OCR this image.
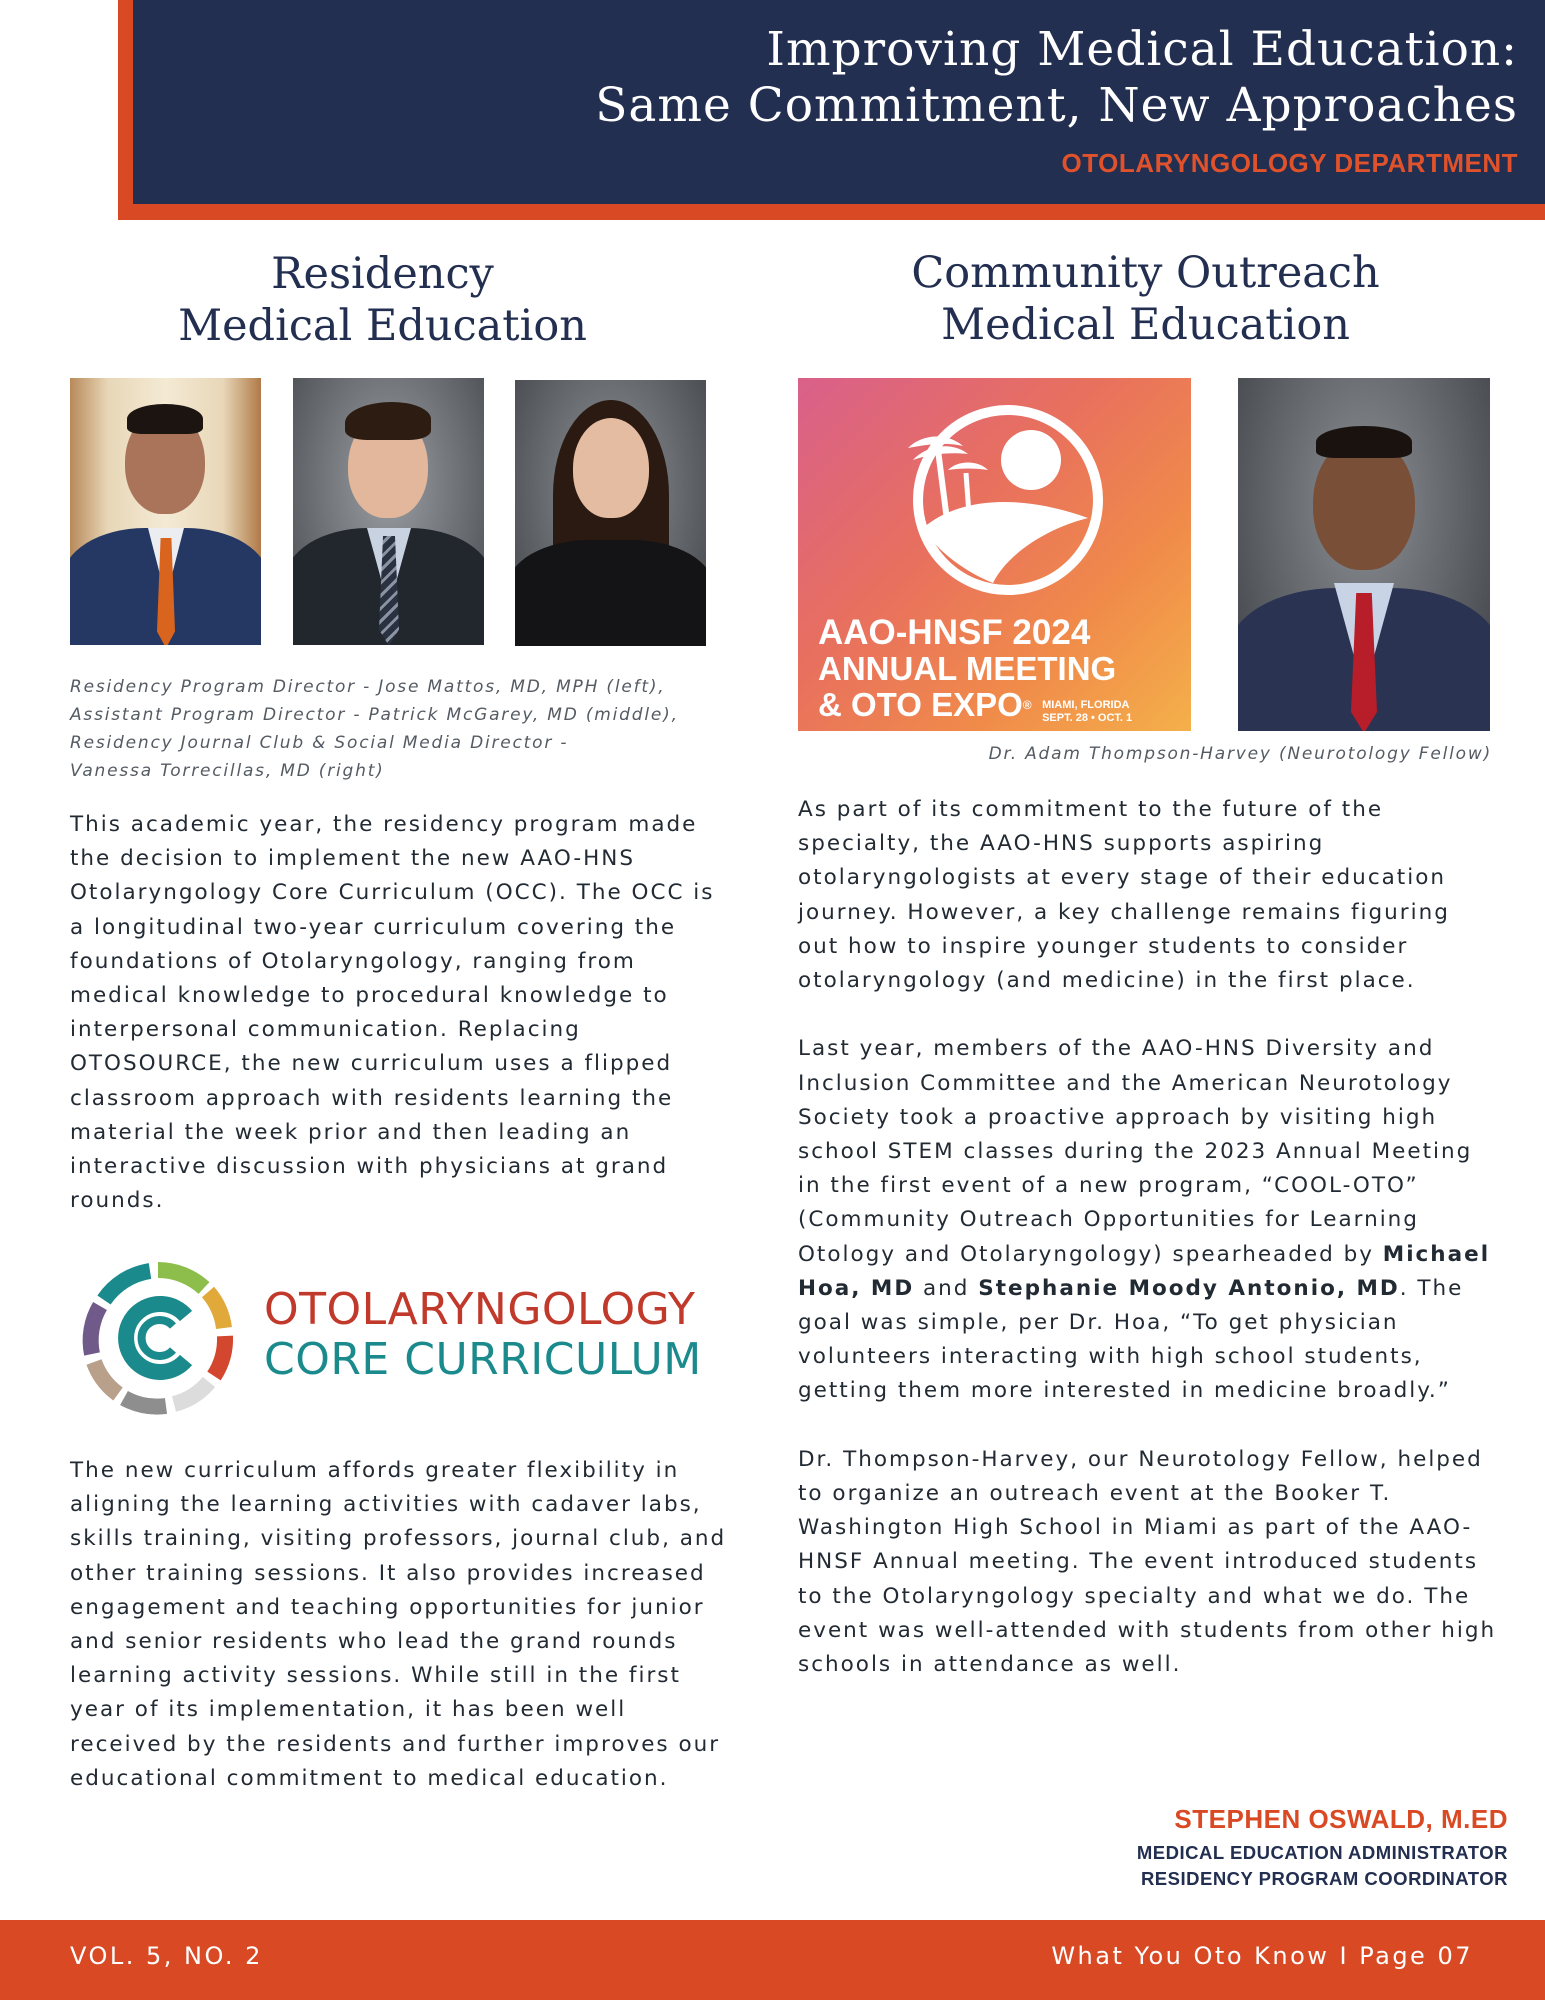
Improving Medical Education:
Same Commitment, New Approaches
OTOLARYNGOLOGY DEPARTMENT
Residency
Medical Education
Community Outreach
Medical Education
AAO-HNSF 2024
ANNUAL MEETING
& OTO EXPO® MIAMI, FLORIDA
SEPT. 28 • OCT. 1
Residency Program Director - Jose Mattos, MD, MPH (left),
Assistant Program Director - Patrick McGarey, MD (middle),
Residency Journal Club & Social Media Director -
Vanessa Torrecillas, MD (right)
Dr. Adam Thompson-Harvey (Neurotology Fellow)
This academic year, the residency program made the decision to implement the new AAO-HNS Otolaryngology Core Curriculum (OCC). The OCC is a longitudinal two-year curriculum covering the foundations of Otolaryngology, ranging from medical knowledge to procedural knowledge to interpersonal communication. Replacing OTOSOURCE, the new curriculum uses a flipped classroom approach with residents learning the material the week prior and then leading an interactive discussion with physicians at grand rounds.
OTOLARYNGOLOGY
CORE CURRICULUM
The new curriculum affords greater flexibility in aligning the learning activities with cadaver labs, skills training, visiting professors, journal club, and other training sessions. It also provides increased engagement and teaching opportunities for junior and senior residents who lead the grand rounds learning activity sessions. While still in the first year of its implementation, it has been well received by the residents and further improves our educational commitment to medical education.

As part of its commitment to the future of the specialty, the AAO-HNS supports aspiring otolaryngologists at every stage of their education journey. However, a key challenge remains figuring out how to inspire younger students to consider otolaryngology (and medicine) in the first place.

Last year, members of the AAO-HNS Diversity and Inclusion Committee and the American Neurotology Society took a proactive approach by visiting high school STEM classes during the 2023 Annual Meeting in the first event of a new program, “COOL-OTO” (Community Outreach Opportunities for Learning Otology and Otolaryngology) spearheaded by Michael Hoa, MD and Stephanie Moody Antonio, MD. The goal was simple, per Dr. Hoa, “To get physician volunteers interacting with high school students, getting them more interested in medicine broadly.”

Dr. Thompson-Harvey, our Neurotology Fellow, helped to organize an outreach event at the Booker T. Washington High School in Miami as part of the AAO-HNSF Annual meeting. The event introduced students to the Otolaryngology specialty and what we do. The event was well-attended with students from other high schools in attendance as well.

STEPHEN OSWALD, M.ED
MEDICAL EDUCATION ADMINISTRATOR
RESIDENCY PROGRAM COORDINATOR
VOL. 5, NO. 2	What You Oto Know I Page 07
